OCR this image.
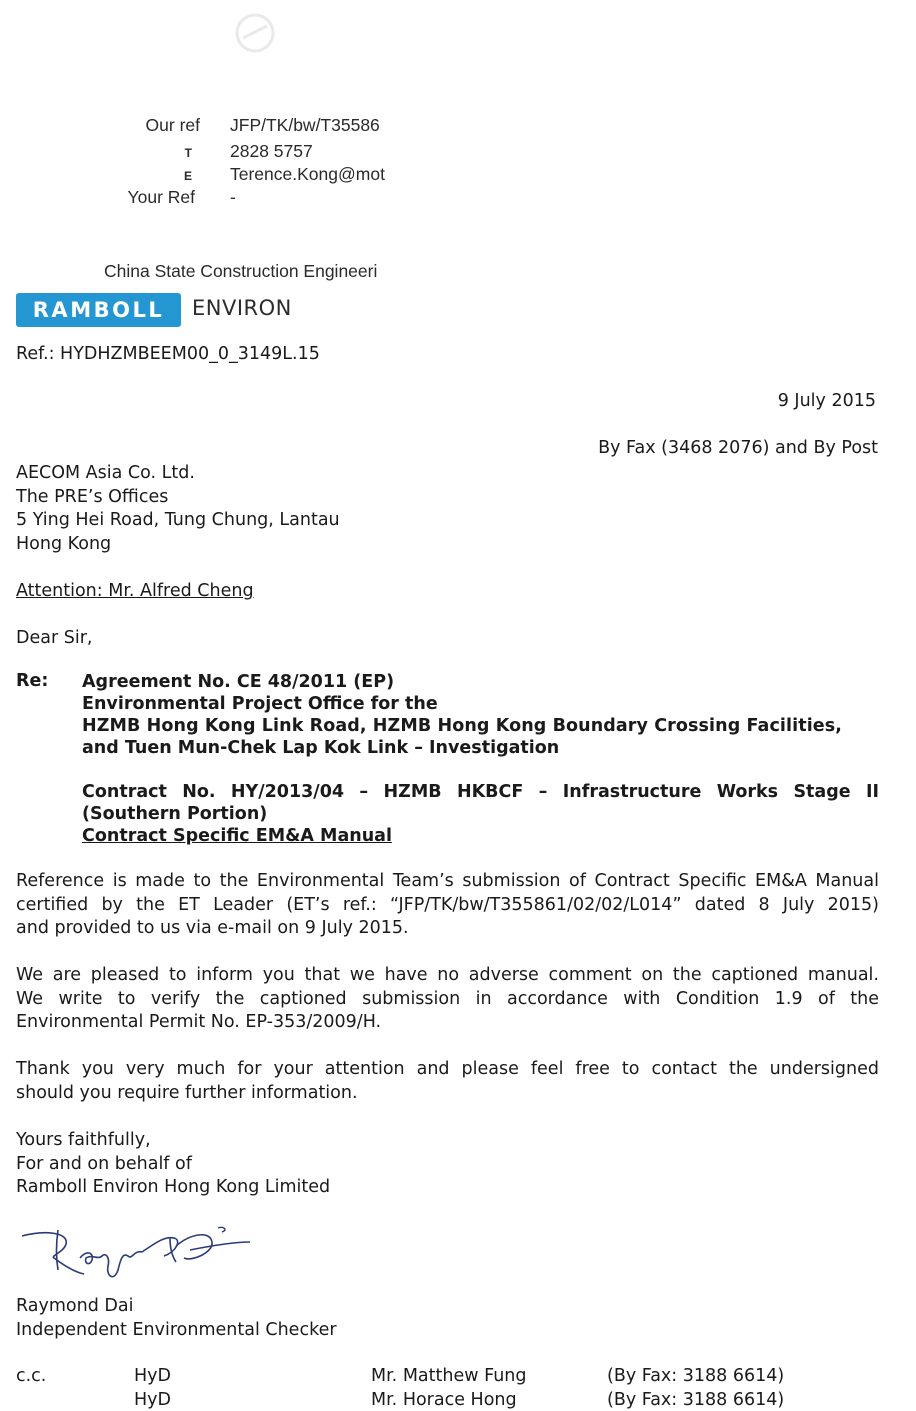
Our ref JFP/TK/bw/T35586
T 2828 5757
E Terence.Kong@mot
Your Ref -
China State Construction Engineeri
RAMBOLL	ENVIRON
Ref.: HYDHZMBEEM00_0_3149L.15
9 July 2015
By Fax (3468 2076) and By Post
AECOM Asia Co. Ltd.
The PRE’s Offices
5 Ying Hei Road, Tung Chung, Lantau
Hong Kong
Attention: Mr. Alfred Cheng
Dear Sir,
Re: Agreement No. CE 48/2011 (EP)
Environmental Project Office for the
HZMB Hong Kong Link Road, HZMB Hong Kong Boundary Crossing Facilities,
and Tuen Mun-Chek Lap Kok Link – Investigation
Contract No. HY/2013/04 – HZMB HKBCF – Infrastructure Works Stage II
(Southern Portion)
Contract Specific EM&A Manual
Reference is made to the Environmental Team’s submission of Contract Specific EM&A Manual
certified by the ET Leader (ET’s ref.: “JFP/TK/bw/T355861/02/02/L014” dated 8 July 2015)
and provided to us via e-mail on 9 July 2015.
We are pleased to inform you that we have no adverse comment on the captioned manual.
We write to verify the captioned submission in accordance with Condition 1.9 of the
Environmental Permit No. EP-353/2009/H.
Thank you very much for your attention and please feel free to contact the undersigned
should you require further information.
Yours faithfully,
For and on behalf of
Ramboll Environ Hong Kong Limited
Raymond Dai
Independent Environmental Checker
c.c.	HyD	Mr. Matthew Fung	(By Fax: 3188 6614)
HyD	Mr. Horace Hong	(By Fax: 3188 6614)
